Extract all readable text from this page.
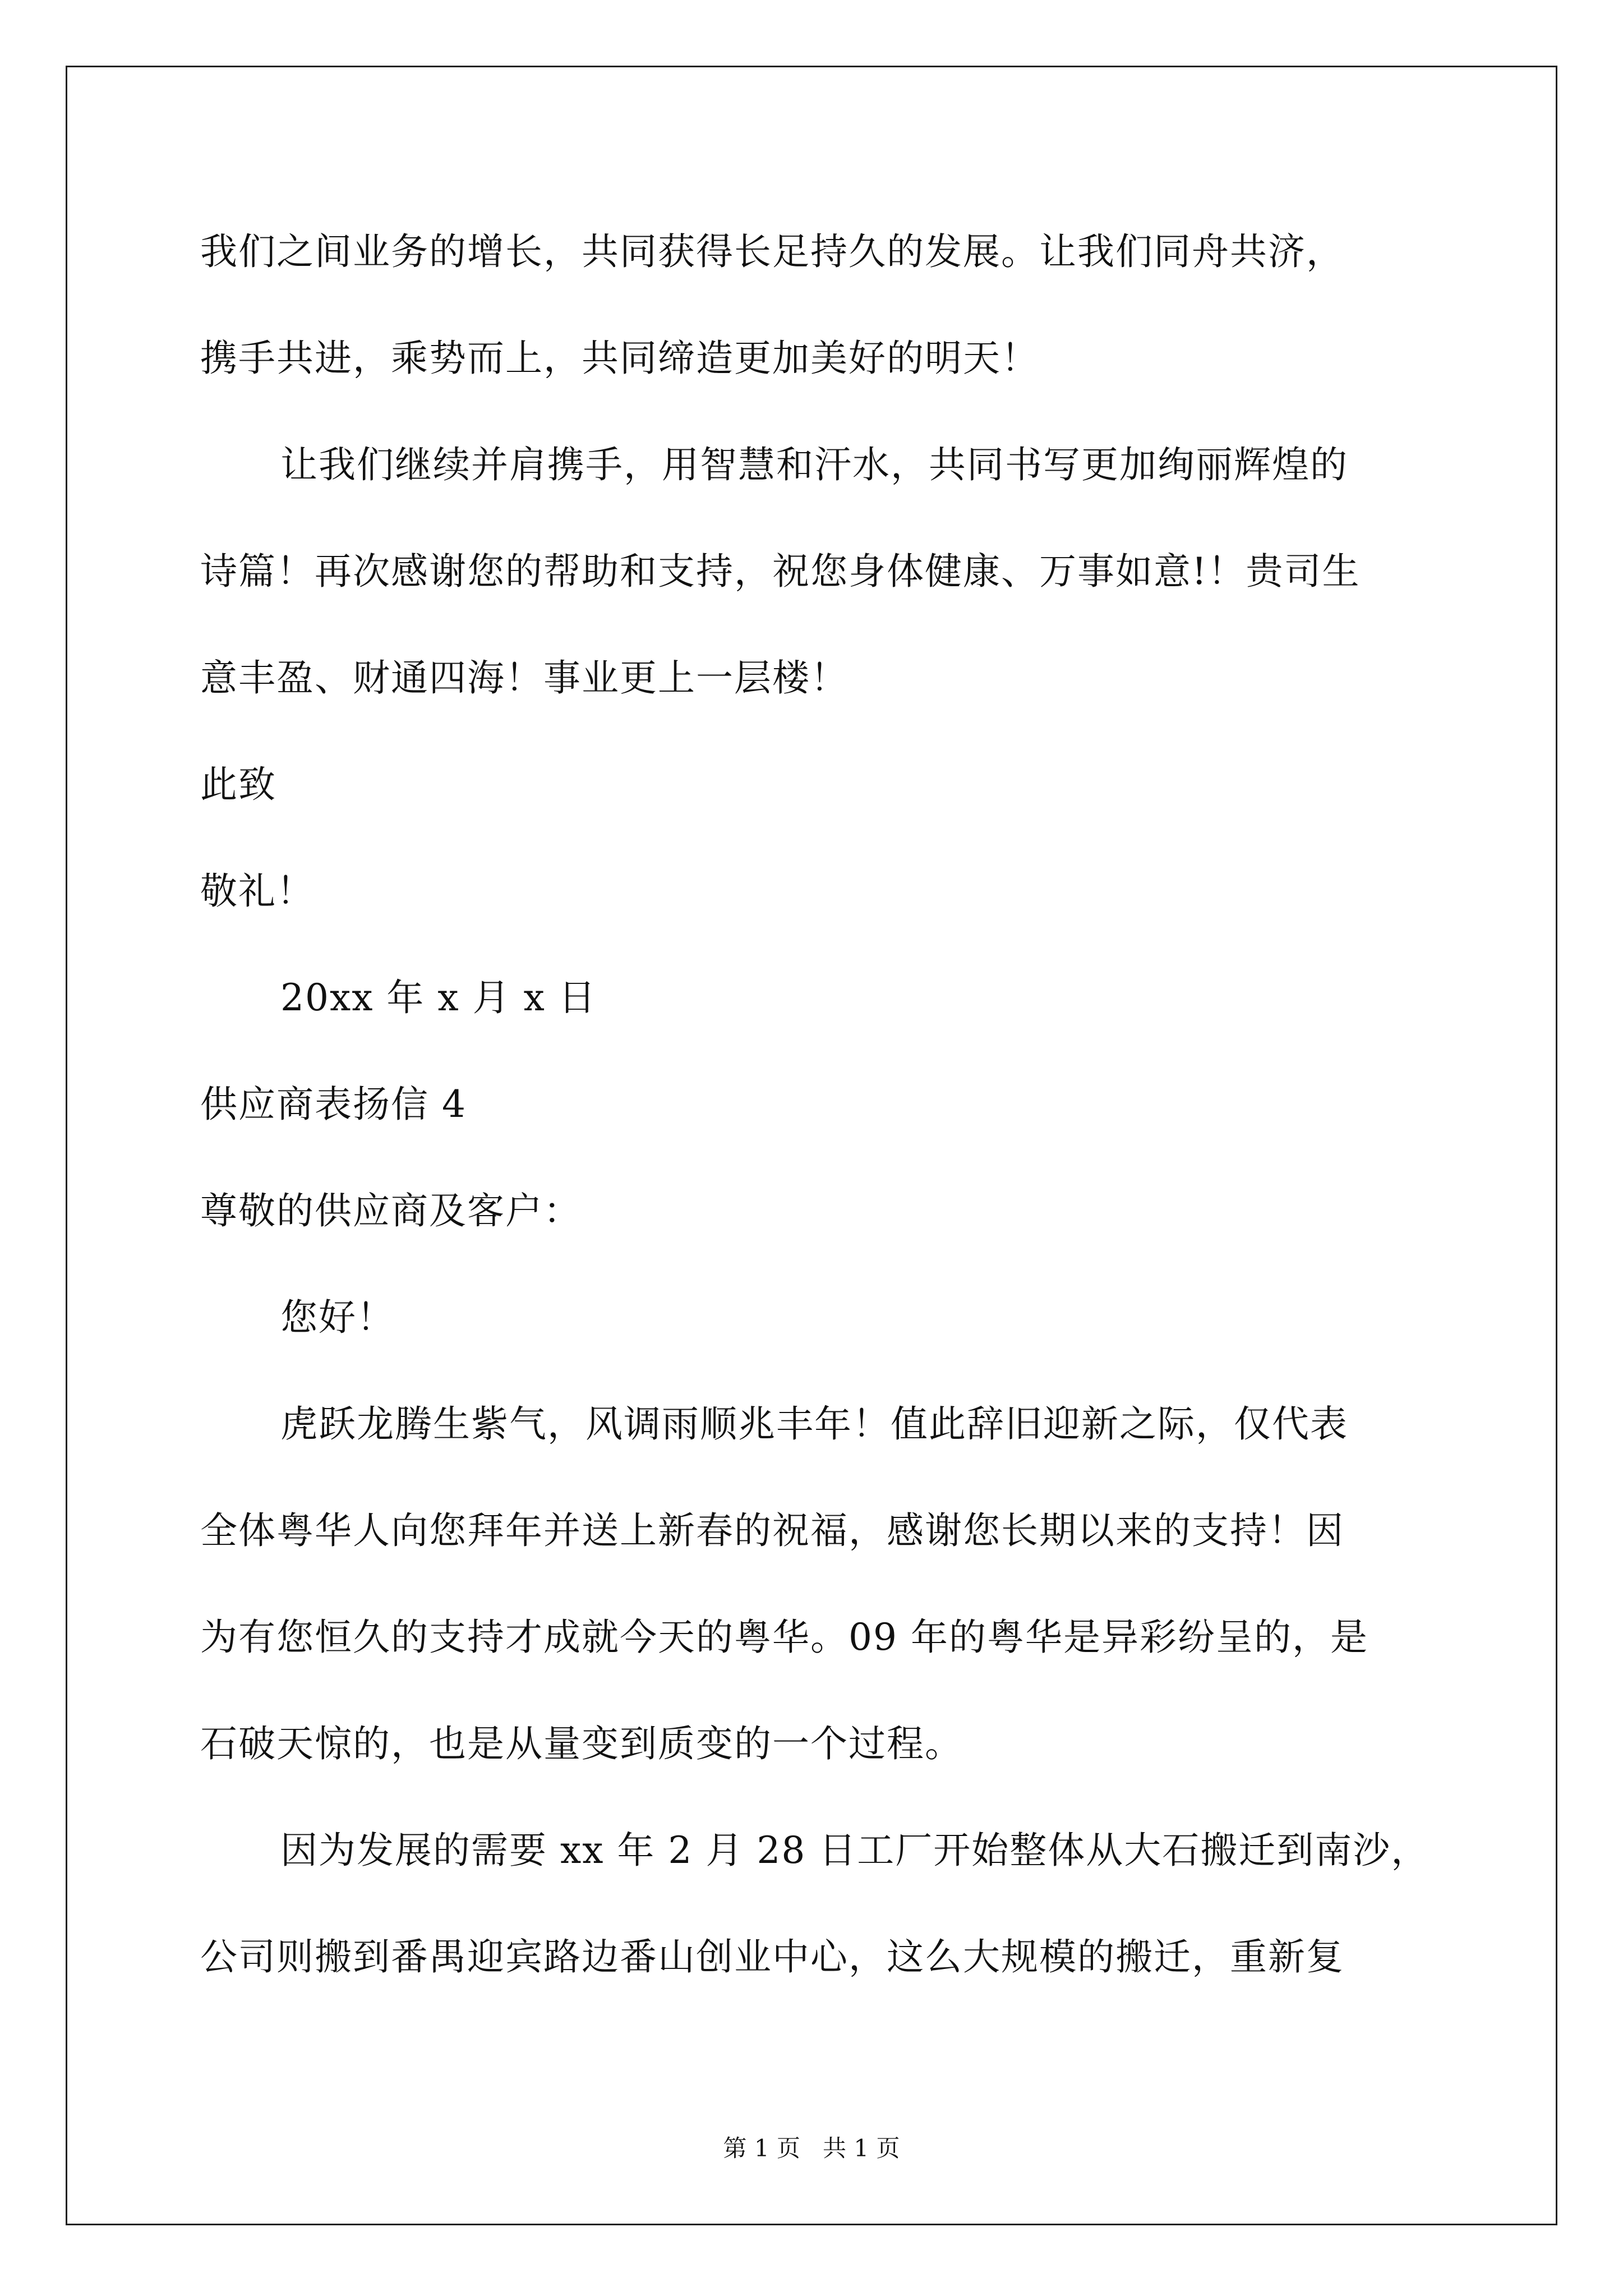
我们之间业务的增长，共同获得长足持久的发展。让我们同舟共济，
携手共进，乘势而上，共同缔造更加美好的明天！
让我们继续并肩携手，用智慧和汗水，共同书写更加绚丽辉煌的
诗篇！再次感谢您的帮助和支持，祝您身体健康、万事如意!！贵司生
意丰盈、财通四海！事业更上一层楼！
此致
敬礼！
20xx 年 x 月 x 日
供应商表扬信 4
尊敬的供应商及客户：
您好！
虎跃龙腾生紫气，风调雨顺兆丰年！值此辞旧迎新之际，仅代表
全体粤华人向您拜年并送上新春的祝福，感谢您长期以来的支持！因
为有您恒久的支持才成就今天的粤华。09 年的粤华是异彩纷呈的，是
石破天惊的，也是从量变到质变的一个过程。
因为发展的需要 xx 年 2 月 28 日工厂开始整体从大石搬迁到南沙，
公司则搬到番禺迎宾路边番山创业中心，这么大规模的搬迁，重新复
第 1 页   共 1 页
